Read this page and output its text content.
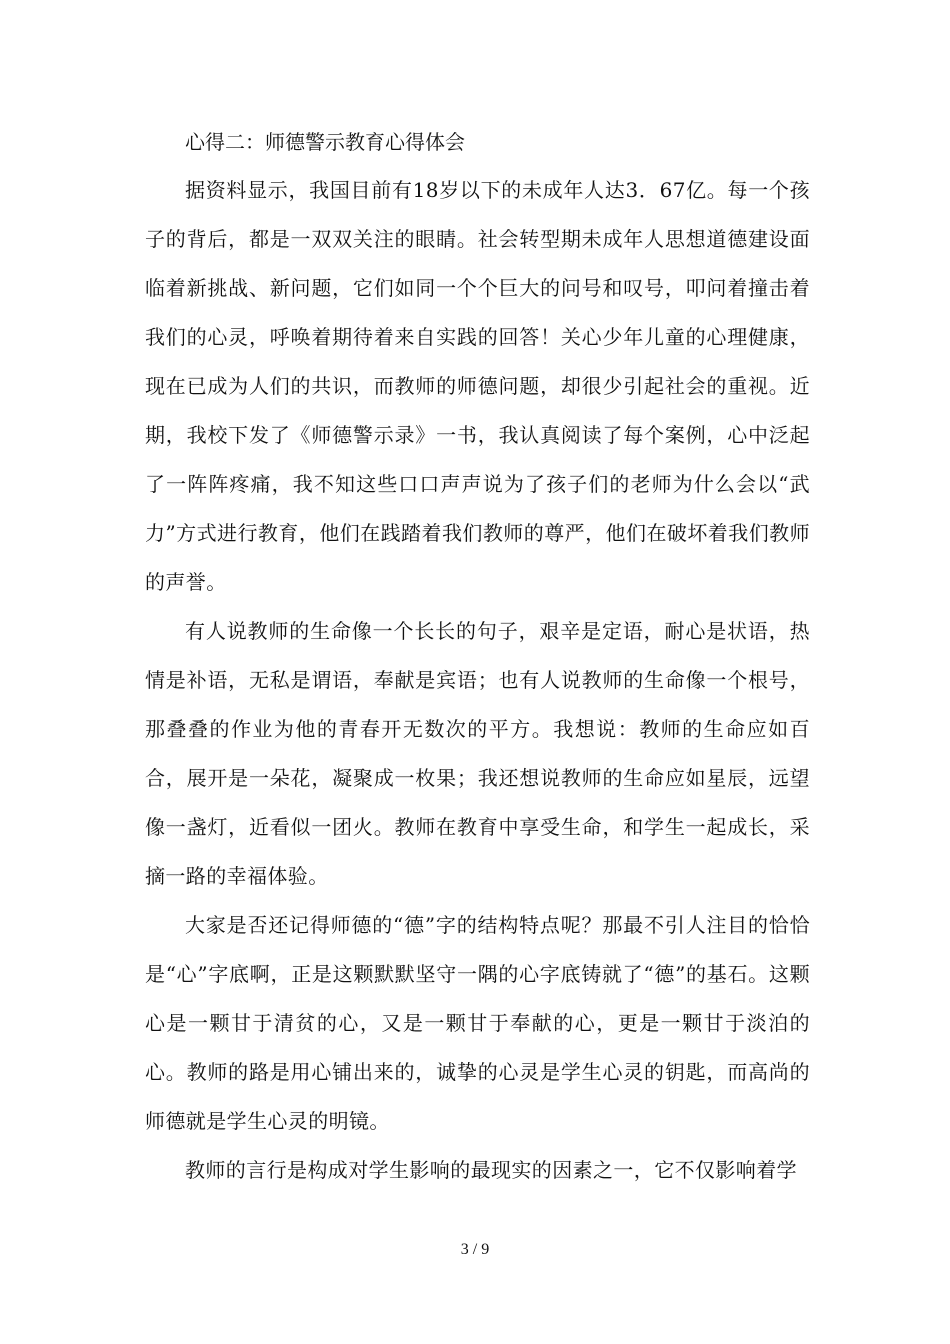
心得二：师德警示教育心得体会

据资料显示，我国目前有18岁以下的未成年人达3．67亿。每一个孩子的背后，都是一双双关注的眼睛。社会转型期未成年人思想道德建设面临着新挑战、新问题，它们如同一个个巨大的问号和叹号，叩问着撞击着我们的心灵，呼唤着期待着来自实践的回答！关心少年儿童的心理健康，现在已成为人们的共识，而教师的师德问题，却很少引起社会的重视。近期，我校下发了《师德警示录》一书，我认真阅读了每个案例，心中泛起了一阵阵疼痛，我不知这些口口声声说为了孩子们的老师为什么会以“武力”方式进行教育，他们在践踏着我们教师的尊严，他们在破坏着我们教师的声誉。

有人说教师的生命像一个长长的句子，艰辛是定语，耐心是状语，热情是补语，无私是谓语，奉献是宾语；也有人说教师的生命像一个根号，那叠叠的作业为他的青春开无数次的平方。我想说：教师的生命应如百合，展开是一朵花，凝聚成一枚果；我还想说教师的生命应如星辰，远望像一盏灯，近看似一团火。教师在教育中享受生命，和学生一起成长，采摘一路的幸福体验。

大家是否还记得师德的“德”字的结构特点呢？那最不引人注目的恰恰是“心”字底啊，正是这颗默默坚守一隅的心字底铸就了“德”的基石。这颗心是一颗甘于清贫的心，又是一颗甘于奉献的心，更是一颗甘于淡泊的心。教师的路是用心铺出来的，诚挚的心灵是学生心灵的钥匙，而高尚的师德就是学生心灵的明镜。

教师的言行是构成对学生影响的最现实的因素之一，它不仅影响着学

3 / 9
